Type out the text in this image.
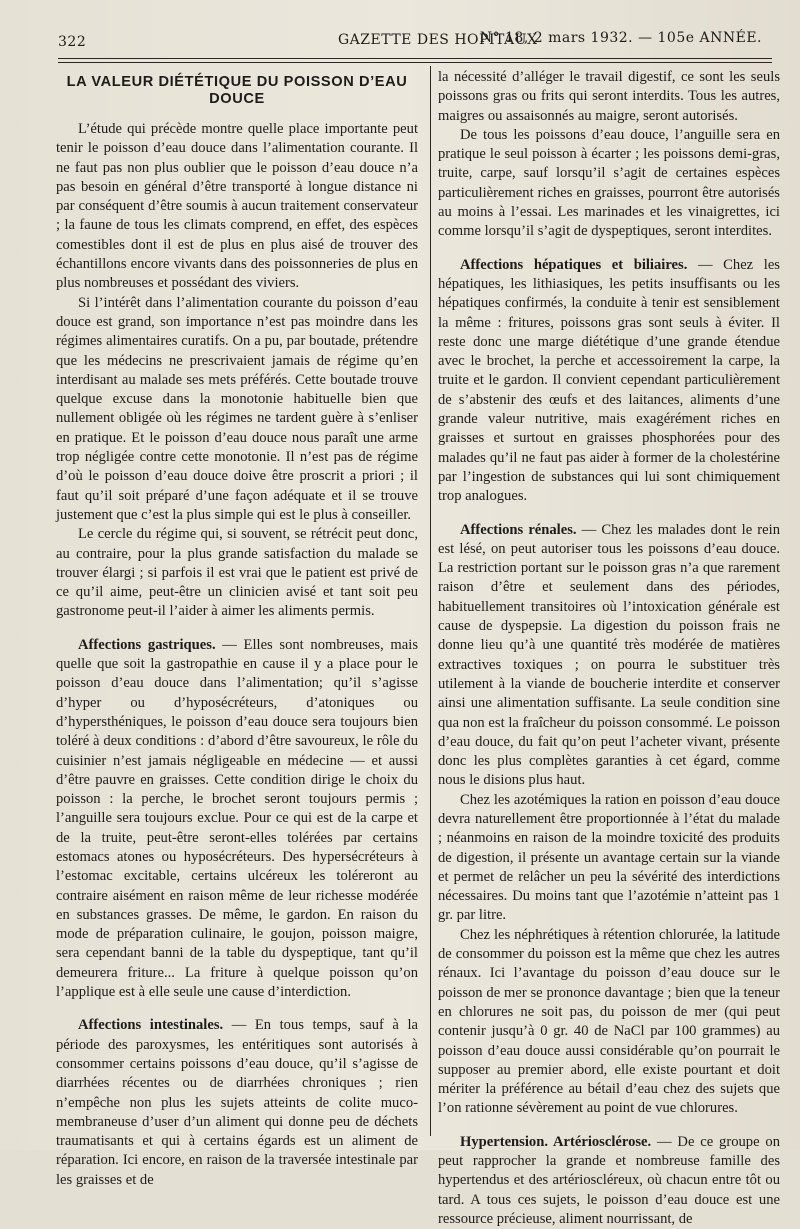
322	GAZETTE DES HOPITAUX
N° 18, 2 mars 1932. — 105e ANNÉE.
LA VALEUR DIÉTÉTIQUE DU POISSON D’EAU DOUCE

L’étude qui précède montre quelle place importante peut tenir le poisson d’eau douce dans l’alimentation courante. Il ne faut pas non plus oublier que le poisson d’eau douce n’a pas besoin en général d’être transporté à longue distance ni par conséquent d’être soumis à aucun traitement conservateur ; la faune de tous les climats comprend, en effet, des espèces comestibles dont il est de plus en plus aisé de trouver des échantillons encore vivants dans des poissonneries de plus en plus nombreuses et possédant des viviers.

Si l’intérêt dans l’alimentation courante du poisson d’eau douce est grand, son importance n’est pas moindre dans les régimes alimentaires curatifs. On a pu, par boutade, prétendre que les médecins ne prescrivaient jamais de régime qu’en interdisant au malade ses mets préférés. Cette boutade trouve quelque excuse dans la monotonie habituelle bien que nullement obligée où les régimes ne tardent guère à s’enliser en pratique. Et le poisson d’eau douce nous paraît une arme trop négligée contre cette monotonie. Il n’est pas de régime d’où le poisson d’eau douce doive être proscrit a priori ; il faut qu’il soit préparé d’une façon adéquate et il se trouve justement que c’est la plus simple qui est le plus à conseiller.

Le cercle du régime qui, si souvent, se rétrécit peut donc, au contraire, pour la plus grande satisfaction du malade se trouver élargi ; si parfois il est vrai que le patient est privé de ce qu’il aime, peut-être un clinicien avisé et tant soit peu gastronome peut-il l’aider à aimer les aliments permis.

Affections gastriques. — Elles sont nombreuses, mais quelle que soit la gastropathie en cause il y a place pour le poisson d’eau douce dans l’alimentation; qu’il s’agisse d’hyper ou d’hyposécréteurs, d’atoniques ou d’hypersthéniques, le poisson d’eau douce sera toujours bien toléré à deux conditions : d’abord d’être savoureux, le rôle du cuisinier n’est jamais négligeable en médecine — et aussi d’être pauvre en graisses. Cette condition dirige le choix du poisson : la perche, le brochet seront toujours permis ; l’anguille sera toujours exclue. Pour ce qui est de la carpe et de la truite, peut-être seront-elles tolérées par certains estomacs atones ou hyposécréteurs. Des hypersécréteurs à l’estomac excitable, certains ulcéreux les toléreront au contraire aisément en raison même de leur richesse modérée en substances grasses. De même, le gardon. En raison du mode de préparation culinaire, le goujon, poisson maigre, sera cependant banni de la table du dyspeptique, tant qu’il demeurera friture... La friture à quelque poisson qu’on l’applique est à elle seule une cause d’interdiction.

Affections intestinales. — En tous temps, sauf à la période des paroxysmes, les entéritiques sont autorisés à consommer certains poissons d’eau douce, qu’il s’agisse de diarrhées récentes ou de diarrhées chroniques ; rien n’empêche non plus les sujets atteints de colite muco-membraneuse d’user d’un aliment qui donne peu de déchets traumatisants et qui à certains égards est un aliment de réparation. Ici encore, en raison de la traversée intestinale par les graisses et de

la nécessité d’alléger le travail digestif, ce sont les seuls poissons gras ou frits qui seront interdits. Tous les autres, maigres ou assaisonnés au maigre, seront autorisés.

De tous les poissons d’eau douce, l’anguille sera en pratique le seul poisson à écarter ; les poissons demi-gras, truite, carpe, sauf lorsqu’il s’agit de certaines espèces particulièrement riches en graisses, pourront être autorisés au moins à l’essai. Les marinades et les vinaigrettes, ici comme lorsqu’il s’agit de dyspeptiques, seront interdites.

Affections hépatiques et biliaires. — Chez les hépatiques, les lithiasiques, les petits insuffisants ou les hépatiques confirmés, la conduite à tenir est sensiblement la même : fritures, poissons gras sont seuls à éviter. Il reste donc une marge diététique d’une grande étendue avec le brochet, la perche et accessoirement la carpe, la truite et le gardon. Il convient cependant particulièrement de s’abstenir des œufs et des laitances, aliments d’une grande valeur nutritive, mais exagérément riches en graisses et surtout en graisses phosphorées pour des malades qu’il ne faut pas aider à former de la cholestérine par l’ingestion de substances qui lui sont chimiquement trop analogues.

Affections rénales. — Chez les malades dont le rein est lésé, on peut autoriser tous les poissons d’eau douce. La restriction portant sur le poisson gras n’a que rarement raison d’être et seulement dans des périodes, habituellement transitoires où l’intoxication générale est cause de dyspepsie. La digestion du poisson frais ne donne lieu qu’à une quantité très modérée de matières extractives toxiques ; on pourra le substituer très utilement à la viande de boucherie interdite et conserver ainsi une alimentation suffisante. La seule condition sine qua non est la fraîcheur du poisson consommé. Le poisson d’eau douce, du fait qu’on peut l’acheter vivant, présente donc les plus complètes garanties à cet égard, comme nous le disions plus haut.

Chez les azotémiques la ration en poisson d’eau douce devra naturellement être proportionnée à l’état du malade ; néanmoins en raison de la moindre toxicité des produits de digestion, il présente un avantage certain sur la viande et permet de relâcher un peu la sévérité des interdictions nécessaires. Du moins tant que l’azotémie n’atteint pas 1 gr. par litre.

Chez les néphrétiques à rétention chlorurée, la latitude de consommer du poisson est la même que chez les autres rénaux. Ici l’avantage du poisson d’eau douce sur le poisson de mer se prononce davantage ; bien que la teneur en chlorures ne soit pas, du poisson de mer (qui peut contenir jusqu’à 0 gr. 40 de NaCl par 100 grammes) au poisson d’eau douce aussi considérable qu’on pourrait le supposer au premier abord, elle existe pourtant et doit mériter la préférence au bétail d’eau chez des sujets que l’on rationne sévèrement au point de vue chlorures.

Hypertension. Artériosclérose. — De ce groupe on peut rapprocher la grande et nombreuse famille des hypertendus et des artérioscléreux, où chacun entre tôt ou tard. A tous ces sujets, le poisson d’eau douce est une ressource précieuse, aliment nourrissant, de
